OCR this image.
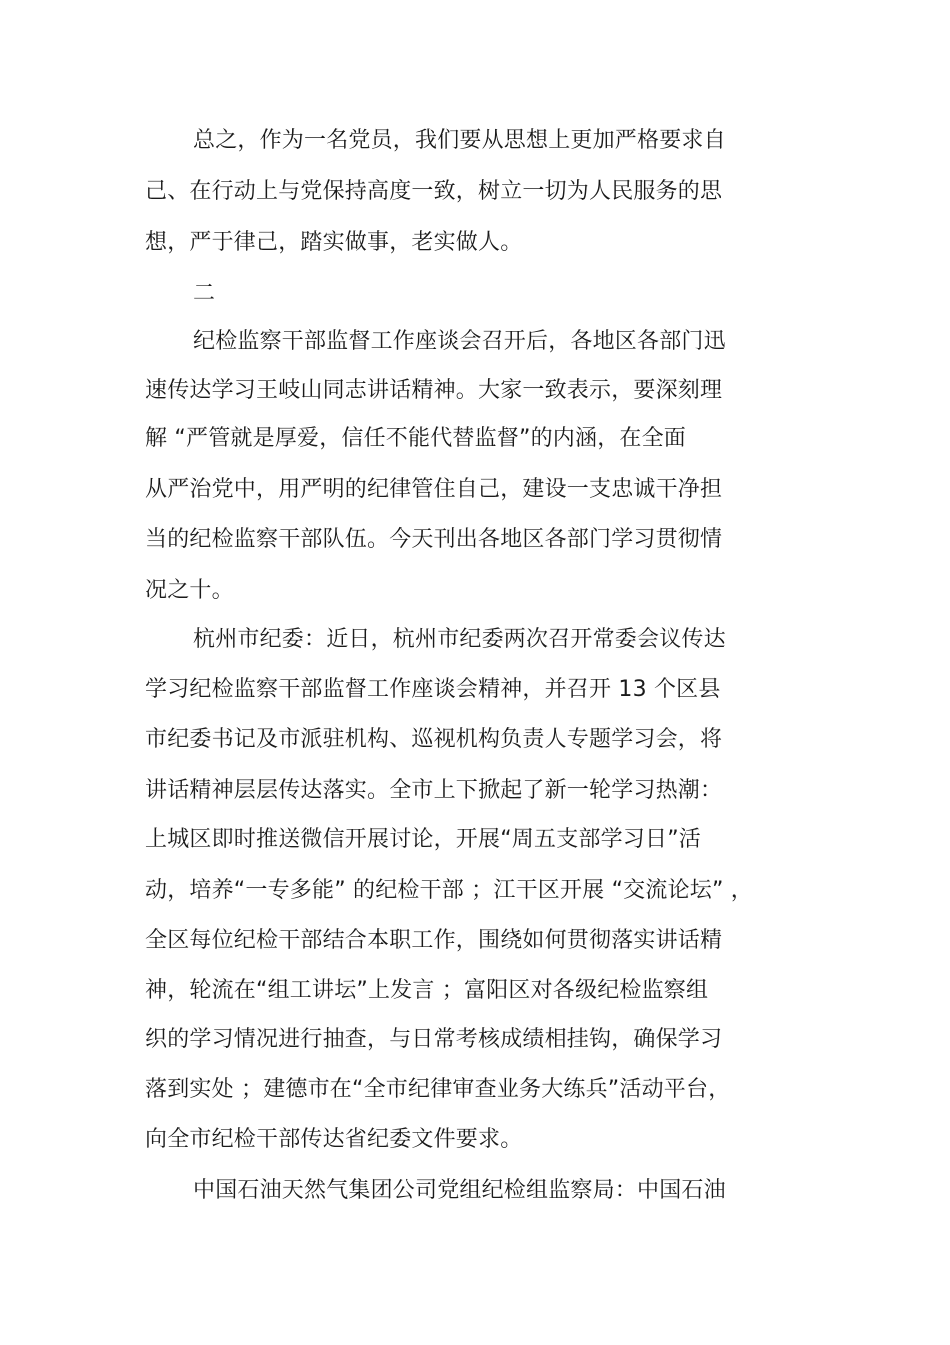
总之，作为一名党员，我们要从思想上更加严格要求自
己、在行动上与党保持高度一致，树立一切为人民服务的思
想，严于律己，踏实做事，老实做人。
二
纪检监察干部监督工作座谈会召开后，各地区各部门迅
速传达学习王岐山同志讲话精神。大家一致表示，要深刻理
解 “严管就是厚爱，信任不能代替监督”的内涵，在全面
从严治党中，用严明的纪律管住自己，建设一支忠诚干净担
当的纪检监察干部队伍。今天刊出各地区各部门学习贯彻情
况之十。
杭州市纪委：近日，杭州市纪委两次召开常委会议传达
学习纪检监察干部监督工作座谈会精神，并召开 13 个区县
市纪委书记及市派驻机构、巡视机构负责人专题学习会，将
讲话精神层层传达落实。全市上下掀起了新一轮学习热潮：
上城区即时推送微信开展讨论，开展“周五支部学习日”活
动，培养“一专多能” 的纪检干部 ；江干区开展 “交流论坛” ，
全区每位纪检干部结合本职工作，围绕如何贯彻落实讲话精
神，轮流在“组工讲坛”上发言 ；富阳区对各级纪检监察组
织的学习情况进行抽查，与日常考核成绩相挂钩，确保学习
落到实处 ；建德市在“全市纪律审查业务大练兵”活动平台，
向全市纪检干部传达省纪委文件要求。
中国石油天然气集团公司党组纪检组监察局：中国石油
